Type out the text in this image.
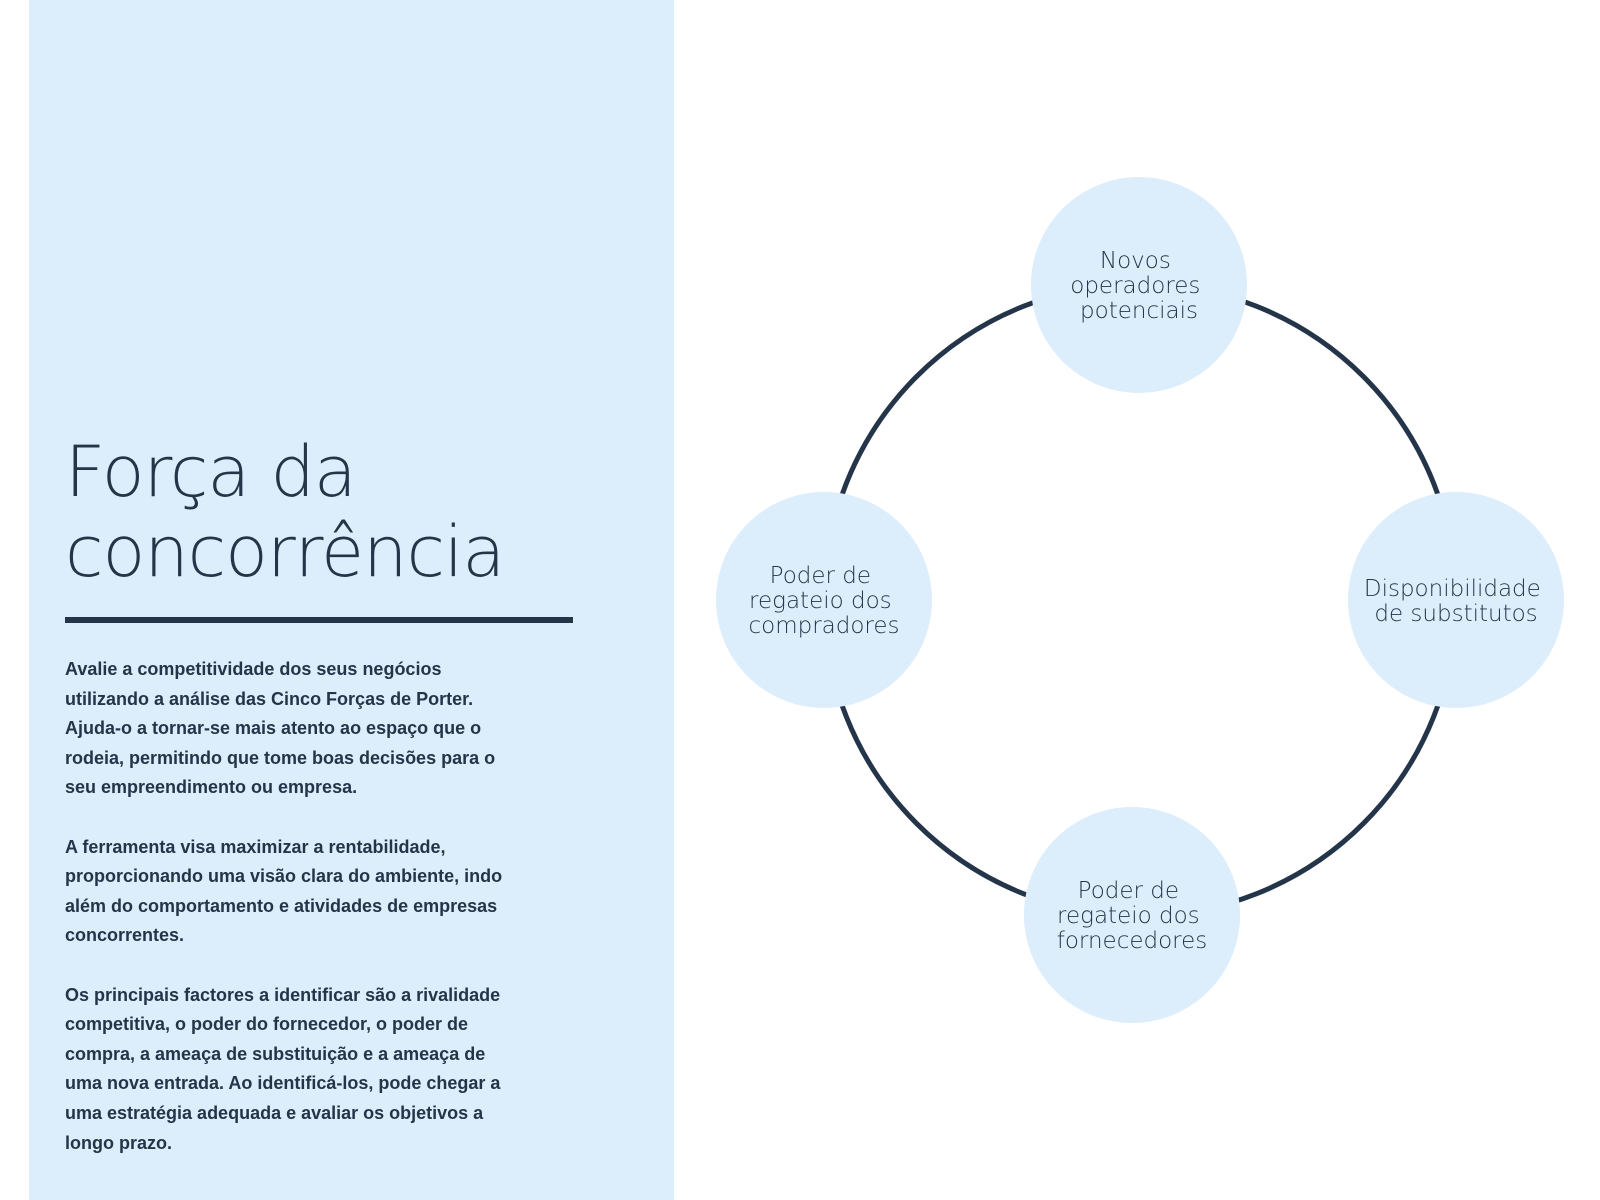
Força da
concorrência

Avalie a competitividade dos seus negócios utilizando a análise das Cinco Forças de Porter. Ajuda-o a tornar-se mais atento ao espaço que o rodeia, permitindo que tome boas decisões para o seu empreendimento ou empresa.

A ferramenta visa maximizar a rentabilidade, proporcionando uma visão clara do ambiente, indo além do comportamento e atividades de empresas concorrentes.

Os principais factores a identificar são a rivalidade competitiva, o poder do fornecedor, o poder de compra, a ameaça de substituição e a ameaça de uma nova entrada. Ao identificá-los, pode chegar a uma estratégia adequada e avaliar os objetivos a longo prazo.

Novos operadores potenciais
Disponibilidade de substitutos
Poder de regateio dos fornecedores
Poder de regateio dos compradores
